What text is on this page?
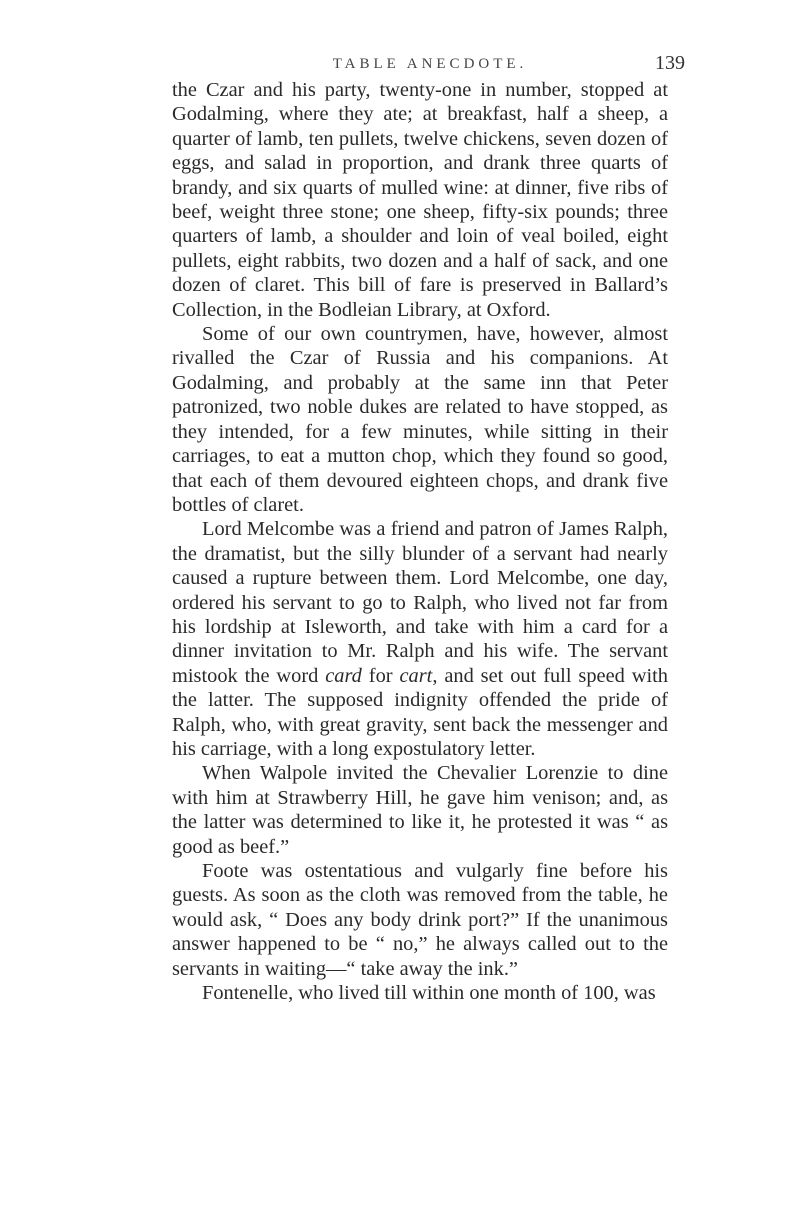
TABLE ANECDOTE.	139

the Czar and his party, twenty-one in number, stopped at Godalming, where they ate; at breakfast, half a sheep, a quarter of lamb, ten pullets, twelve chickens, seven dozen of eggs, and salad in proportion, and drank three quarts of brandy, and six quarts of mulled wine: at dinner, five ribs of beef, weight three stone; one sheep, fifty-six pounds; three quarters of lamb, a shoulder and loin of veal boiled, eight pullets, eight rabbits, two dozen and a half of sack, and one dozen of claret. This bill of fare is preserved in Ballard’s Collection, in the Bodleian Library, at Oxford.

Some of our own countrymen, have, however, almost rivalled the Czar of Russia and his companions. At Godalming, and probably at the same inn that Peter patronized, two noble dukes are related to have stopped, as they intended, for a few minutes, while sitting in their carriages, to eat a mutton chop, which they found so good, that each of them devoured eighteen chops, and drank five bottles of claret.

Lord Melcombe was a friend and patron of James Ralph, the dramatist, but the silly blunder of a servant had nearly caused a rupture between them. Lord Melcombe, one day, ordered his servant to go to Ralph, who lived not far from his lordship at Isleworth, and take with him a card for a dinner invitation to Mr. Ralph and his wife. The servant mistook the word card for cart, and set out full speed with the latter. The supposed indignity offended the pride of Ralph, who, with great gravity, sent back the messenger and his carriage, with a long expostulatory letter.

When Walpole invited the Chevalier Lorenzie to dine with him at Strawberry Hill, he gave him venison; and, as the latter was determined to like it, he protested it was “ as good as beef.”

Foote was ostentatious and vulgarly fine before his guests. As soon as the cloth was removed from the table, he would ask, “ Does any body drink port?” If the unanimous answer happened to be “ no,” he always called out to the servants in waiting—“ take away the ink.”

Fontenelle, who lived till within one month of 100, was
